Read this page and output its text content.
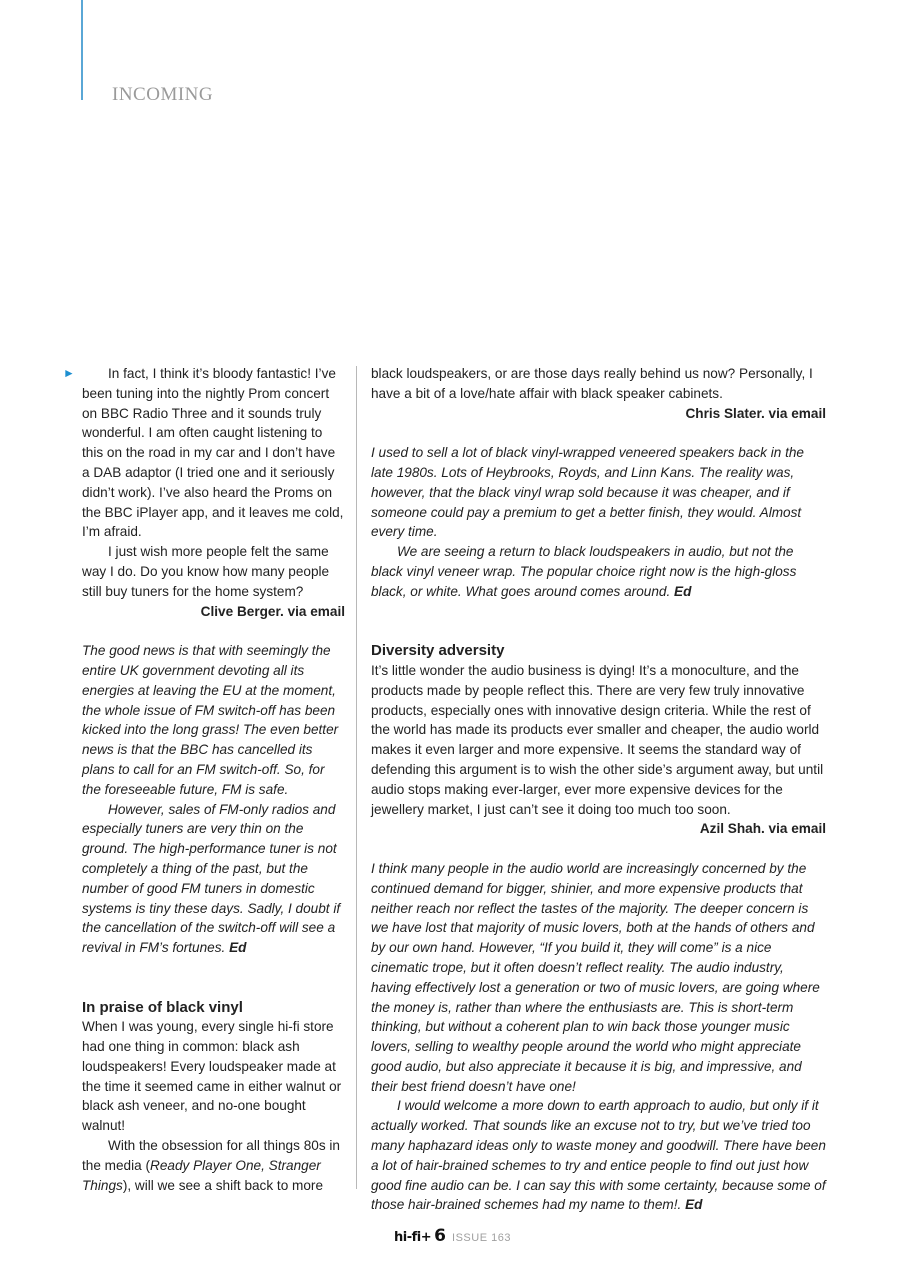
INCOMING
►	In fact, I think it’s bloody fantastic! I’ve been tuning into the nightly Prom concert on BBC Radio Three and it sounds truly wonderful. I am often caught listening to this on the road in my car and I don’t have a DAB adaptor (I tried one and it seriously didn’t work). I’ve also heard the Proms on the BBC iPlayer app, and it leaves me cold, I’m afraid.

I just wish more people felt the same way I do. Do you know how many people still buy tuners for the home system?

Clive Berger. via email

The good news is that with seemingly the entire UK government devoting all its energies at leaving the EU at the moment, the whole issue of FM switch-off has been kicked into the long grass! The even better news is that the BBC has cancelled its plans to call for an FM switch-off. So, for the foreseeable future, FM is safe.

However, sales of FM-only radios and especially tuners are very thin on the ground. The high-performance tuner is not completely a thing of the past, but the number of good FM tuners in domestic systems is tiny these days. Sadly, I doubt if the cancellation of the switch-off will see a revival in FM’s fortunes. Ed

In praise of black vinyl

When I was young, every single hi-fi store had one thing in common: black ash loudspeakers! Every loudspeaker made at the time it seemed came in either walnut or black ash veneer, and no-one bought walnut!

With the obsession for all things 80s in the media (Ready Player One, Stranger Things), will we see a shift back to more

black loudspeakers, or are those days really behind us now? Personally, I have a bit of a love/hate affair with black speaker cabinets.

Chris Slater. via email

I used to sell a lot of black vinyl-wrapped veneered speakers back in the late 1980s. Lots of Heybrooks, Royds, and Linn Kans. The reality was, however, that the black vinyl wrap sold because it was cheaper, and if someone could pay a premium to get a better finish, they would. Almost every time.

We are seeing a return to black loudspeakers in audio, but not the black vinyl veneer wrap. The popular choice right now is the high-gloss black, or white. What goes around comes around. Ed

Diversity adversity

It’s little wonder the audio business is dying! It’s a monoculture, and the products made by people reflect this. There are very few truly innovative products, especially ones with innovative design criteria. While the rest of the world has made its products ever smaller and cheaper, the audio world makes it even larger and more expensive. It seems the standard way of defending this argument is to wish the other side’s argument away, but until audio stops making ever-larger, ever more expensive devices for the jewellery market, I just can’t see it doing too much too soon.

Azil Shah. via email

I think many people in the audio world are increasingly concerned by the continued demand for bigger, shinier, and more expensive products that neither reach nor reflect the tastes of the majority. The deeper concern is we have lost that majority of music lovers, both at the hands of others and by our own hand. However, “If you build it, they will come” is a nice cinematic trope, but it often doesn’t reflect reality. The audio industry, having effectively lost a generation or two of music lovers, are going where the money is, rather than where the enthusiasts are. This is short-term thinking, but without a coherent plan to win back those younger music lovers, selling to wealthy people around the world who might appreciate good audio, but also appreciate it because it is big, and impressive, and their best friend doesn’t have one!

I would welcome a more down to earth approach to audio, but only if it actually worked. That sounds like an excuse not to try, but we’ve tried too many haphazard ideas only to waste money and goodwill. There have been a lot of hair-brained schemes to try and entice people to find out just how good fine audio can be. I can say this with some certainty, because some of those hair-brained schemes had my name to them!. Ed

hi-fi+ 6 ISSUE 163
